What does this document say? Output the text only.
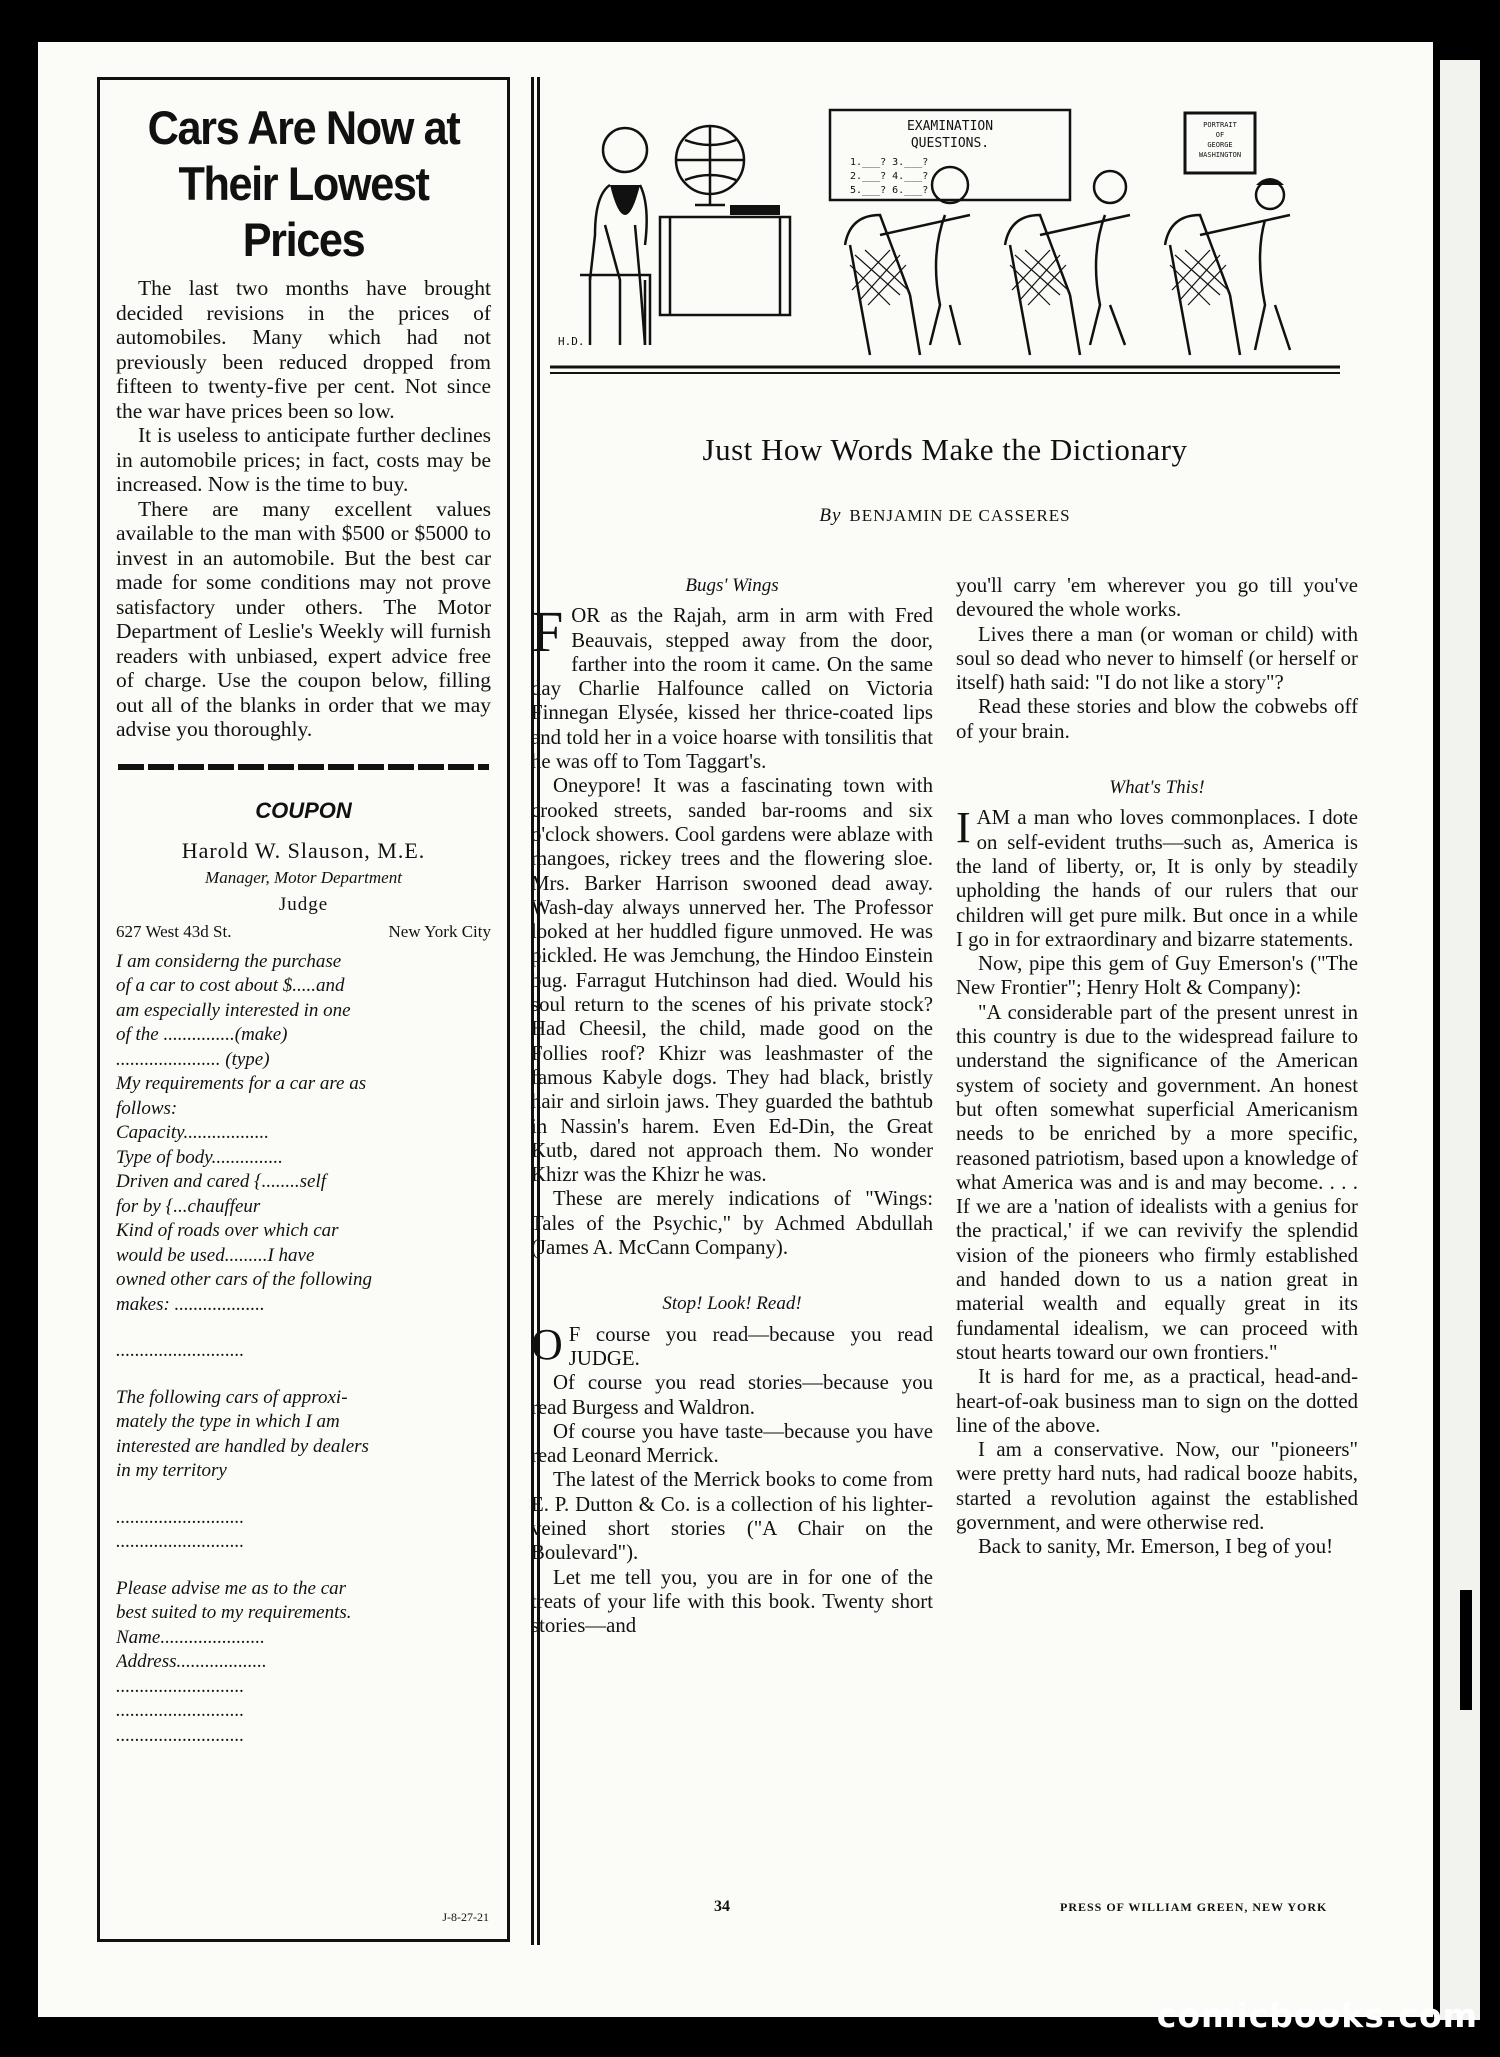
Cars Are Now at Their Lowest Prices

The last two months have brought decided revisions in the prices of automobiles. Many which had not previously been reduced dropped from fifteen to twenty-five per cent. Not since the war have prices been so low.

It is useless to anticipate further declines in automobile prices; in fact, costs may be increased. Now is the time to buy.

There are many excellent values available to the man with $500 or $5000 to invest in an automobile. But the best car made for some conditions may not prove satisfactory under others. The Motor Department of Leslie's Weekly will furnish readers with unbiased, expert advice free of charge. Use the coupon below, filling out all of the blanks in order that we may advise you thoroughly.

COUPON
Harold W. Slauson, M.E.
Manager, Motor Department
Judge
627 West 43d St.	New York City
I am considerng the purchase
of a car to cost about $.....and
am especially interested in one
of the ...............(make)
...................... (type)
My requirements for a car are as
follows:
Capacity..................
Type of body...............
Driven and cared {........self
for by {...chauffeur
Kind of roads over which car
would be used.........I have
owned other cars of the following
makes: ...................
...........................
The following cars of approxi-
mately the type in which I am
interested are handled by dealers
in my territory
...........................
...........................
Please advise me as to the car
best suited to my requirements.
Name......................
Address...................
...........................
...........................
...........................
J-8-27-21
EXAMINATION
QUESTIONS.
1.___? 3.___?
2.___? 4.___?
5.___? 6.___?
PORTRAIT
OF
GEORGE
WASHINGTON
H.D.
Just How Words Make the Dictionary
By BENJAMIN DE CASSERES
Bugs' Wings

FOR as the Rajah, arm in arm with Fred Beauvais, stepped away from the door, farther into the room it came. On the same day Charlie Halfounce called on Victoria Finnegan Elysée, kissed her thrice-coated lips and told her in a voice hoarse with tonsilitis that he was off to Tom Taggart's.

Oneypore! It was a fascinating town with crooked streets, sanded bar-rooms and six o'clock showers. Cool gardens were ablaze with mangoes, rickey trees and the flowering sloe. Mrs. Barker Harrison swooned dead away. Wash-day always unnerved her. The Professor looked at her huddled figure unmoved. He was pickled. He was Jemchung, the Hindoo Einstein bug. Farragut Hutchinson had died. Would his soul return to the scenes of his private stock? Had Cheesil, the child, made good on the Follies roof? Khizr was leashmaster of the famous Kabyle dogs. They had black, bristly hair and sirloin jaws. They guarded the bathtub in Nassin's harem. Even Ed-Din, the Great Kutb, dared not approach them. No wonder Khizr was the Khizr he was.

These are merely indications of "Wings: Tales of the Psychic," by Achmed Abdullah (James A. McCann Company).

Stop! Look! Read!

O F course you read—because you read JUDGE.

Of course you read stories—because you read Burgess and Waldron.

Of course you have taste—because you have read Leonard Merrick.

The latest of the Merrick books to come from E. P. Dutton & Co. is a collection of his lighter-veined short stories ("A Chair on the Boulevard").

Let me tell you, you are in for one of the treats of your life with this book. Twenty short stories—and

you'll carry 'em wherever you go till you've devoured the whole works.

Lives there a man (or woman or child) with soul so dead who never to himself (or herself or itself) hath said: "I do not like a story"?

Read these stories and blow the cobwebs off of your brain.

What's This!

IAM a man who loves commonplaces. I dote on self-evident truths—such as, America is the land of liberty, or, It is only by steadily upholding the hands of our rulers that our children will get pure milk. But once in a while I go in for extraordinary and bizarre statements.

Now, pipe this gem of Guy Emerson's ("The New Frontier"; Henry Holt & Company):

"A considerable part of the present unrest in this country is due to the widespread failure to understand the significance of the American system of society and government. An honest but often somewhat superficial Americanism needs to be enriched by a more specific, reasoned patriotism, based upon a knowledge of what America was and is and may become. . . . If we are a 'nation of idealists with a genius for the practical,' if we can revivify the splendid vision of the pioneers who firmly established and handed down to us a nation great in material wealth and equally great in its fundamental idealism, we can proceed with stout hearts toward our own frontiers."

It is hard for me, as a practical, head-and-heart-of-oak business man to sign on the dotted line of the above.

I am a conservative. Now, our "pioneers" were pretty hard nuts, had radical booze habits, started a revolution against the established government, and were otherwise red.

Back to sanity, Mr. Emerson, I beg of you!

34	PRESS OF WILLIAM GREEN, NEW YORK
comicbooks.com
